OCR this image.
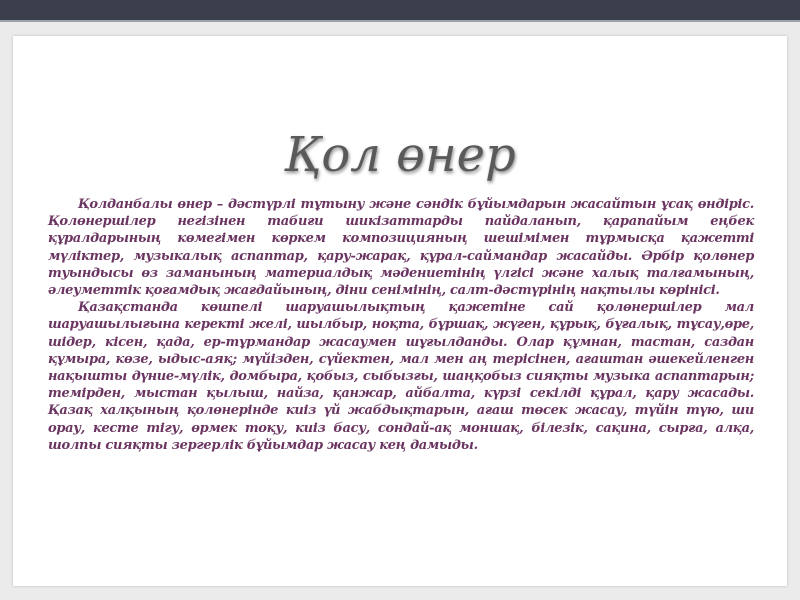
Қол өнер

Қолданбалы өнер – дәстүрлі тұтыну және сәндік бұйымдарын жасайтын ұсақ өндіріс. Қолөнершілер негізінен табиғи шикізаттарды пайдаланып, қарапайым еңбек құралдарының көмегімен көркем композицияның шешімімен тұрмысқа қажетті мүліктер, музыкалық аспаптар, қару-жарақ, құрал-саймандар жасайды. Әрбір қолөнер туындысы өз заманының материалдық мәдениетінің үлгісі және халық талғамының, әлеуметтік қоғамдық жағдайының, діни сенімінің, салт-дәстүрінің нақтылы көрінісі.

Қазақстанда көшпелі шаруашылықтың қажетіне сай қолөнершілер мал шаруашылығына керекті желі, шылбыр, ноқта, бұршақ, жүген, құрық, бұғалық, тұсау,өре, шідер, кісен, қада, ер-тұрмандар жасаумен шұғылданды. Олар құмнан, тастан, саздан құмыра, көзе, ыдыс-аяқ; мүйізден, сүйектен, мал мен аң терісінен, ағаштан әшекейленген нақышты дүние-мүлік, домбыра, қобыз, сыбызғы, шаңқобыз сияқты музыка аспаптарын; темірден, мыстан қылыш, найза, қанжар, айбалта, күрзі секілді құрал, қару жасады. Қазақ халқының қолөнерінде киіз үй жабдықтарын, ағаш төсек жасау, түйін түю, ши орау, кесте тігу, өрмек тоқу, киіз басу, сондай-ақ моншақ, білезік, сақина, сырға, алқа, шолпы сияқты зергерлік бұйымдар жасау кең дамыды.
